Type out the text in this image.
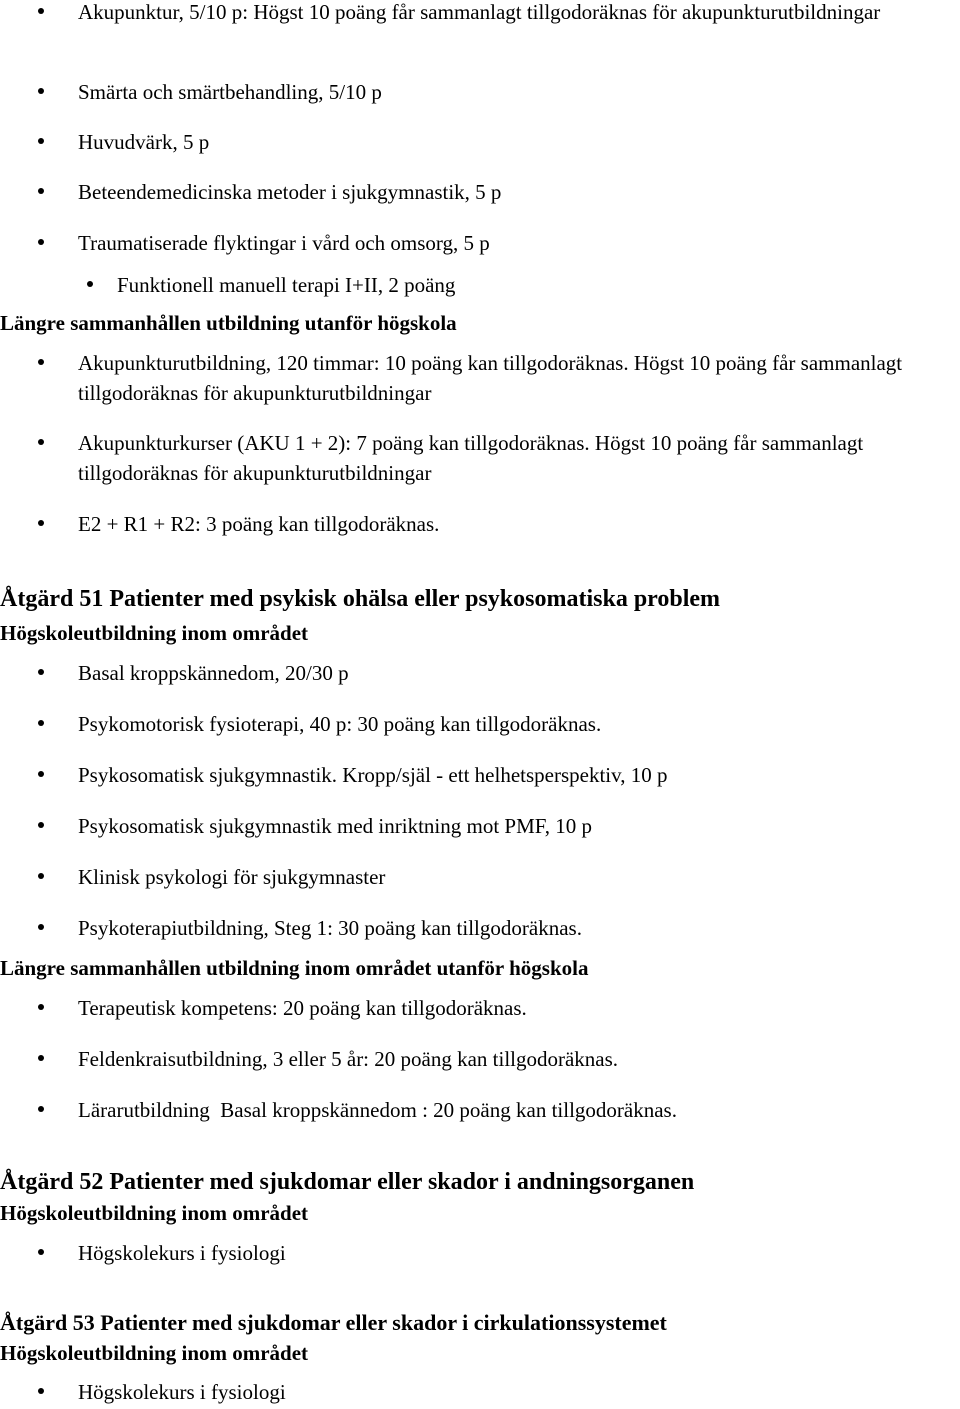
Akupunktur, 5/10 p: Högst 10 poäng får sammanlagt tillgodoräknas för akupunkturutbildningar
Smärta och smärtbehandling, 5/10 p
Huvudvärk, 5 p
Beteendemedicinska metoder i sjukgymnastik, 5 p
Traumatiserade flyktingar i vård och omsorg, 5 p
Funktionell manuell terapi I+II, 2 poäng
Längre sammanhållen utbildning utanför högskola
Akupunkturutbildning, 120 timmar: 10 poäng kan tillgodoräknas. Högst 10 poäng får sammanlagt tillgodoräknas för akupunkturutbildningar
Akupunkturkurser (AKU 1 + 2): 7 poäng kan tillgodoräknas. Högst 10 poäng får sammanlagt tillgodoräknas för akupunkturutbildningar
E2 + R1 + R2: 3 poäng kan tillgodoräknas.
Åtgärd 51 Patienter med psykisk ohälsa eller psykosomatiska problem
Högskoleutbildning inom området
Basal kroppskännedom, 20/30 p
Psykomotorisk fysioterapi, 40 p: 30 poäng kan tillgodoräknas.
Psykosomatisk sjukgymnastik. Kropp/själ - ett helhetsperspektiv, 10 p
Psykosomatisk sjukgymnastik med inriktning mot PMF, 10 p
Klinisk psykologi för sjukgymnaster
Psykoterapiutbildning, Steg 1: 30 poäng kan tillgodoräknas.
Längre sammanhållen utbildning inom området utanför högskola
Terapeutisk kompetens: 20 poäng kan tillgodoräknas.
Feldenkraisutbildning, 3 eller 5 år: 20 poäng kan tillgodoräknas.
Lärarutbildning  Basal kroppskännedom : 20 poäng kan tillgodoräknas.
Åtgärd 52 Patienter med sjukdomar eller skador i andningsorganen
Högskoleutbildning inom området
Högskolekurs i fysiologi
Åtgärd 53 Patienter med sjukdomar eller skador i cirkulationssystemet
Högskoleutbildning inom området
Högskolekurs i fysiologi
